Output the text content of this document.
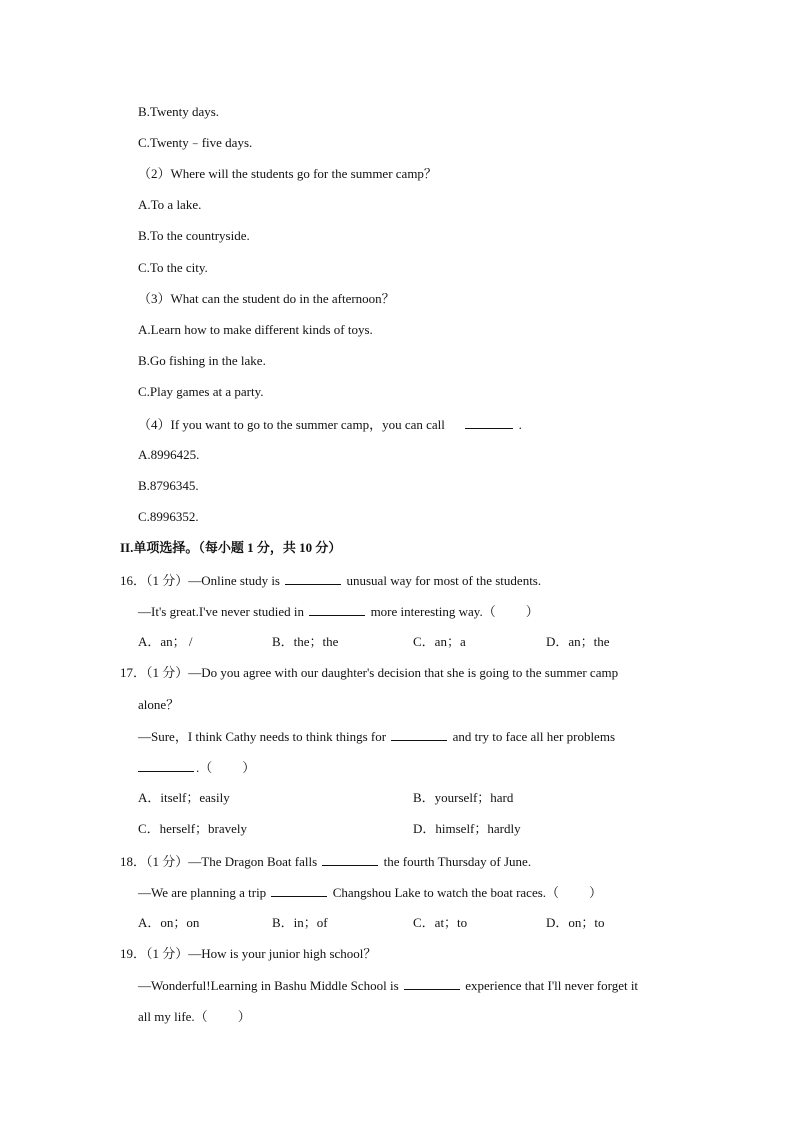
B.Twenty days.
C.Twenty﹣five days.
（2）Where will the students go for the summer camp？
A.To a lake.
B.To the countryside.
C.To the city.
（3）What can the student do in the afternoon？
A.Learn how to make different kinds of toys.
B.Go fishing in the lake.
C.Play games at a party.
（4）If you want to go to the summer camp，you can call	.
A.8996425.
B.8796345.
C.8996352.
II.单项选择。（每小题 1 分，共 10 分）
16．（1 分）—Online study is	unusual way for most of the students.
—It's great.I've never studied in	more interesting way.（ ）
A．an； /	B．the；the	C．an；a	D．an；the
17．（1 分）—Do you agree with our daughter's decision that she is going to the summer camp
alone？
—Sure，I think Cathy needs to think things for	and try to face all her problems
.（ ）
A．itself；easily	B．yourself；hard
C．herself；bravely	D．himself；hardly
18．（1 分）—The Dragon Boat falls	the fourth Thursday of June.
—We are planning a trip	Changshou Lake to watch the boat races.（ ）
A．on；on	B．in；of	C．at；to	D．on；to
19．（1 分）—How is your junior high school？
—Wonderful!Learning in Bashu Middle School is	experience that I'll never forget it
all my life.（ ）
